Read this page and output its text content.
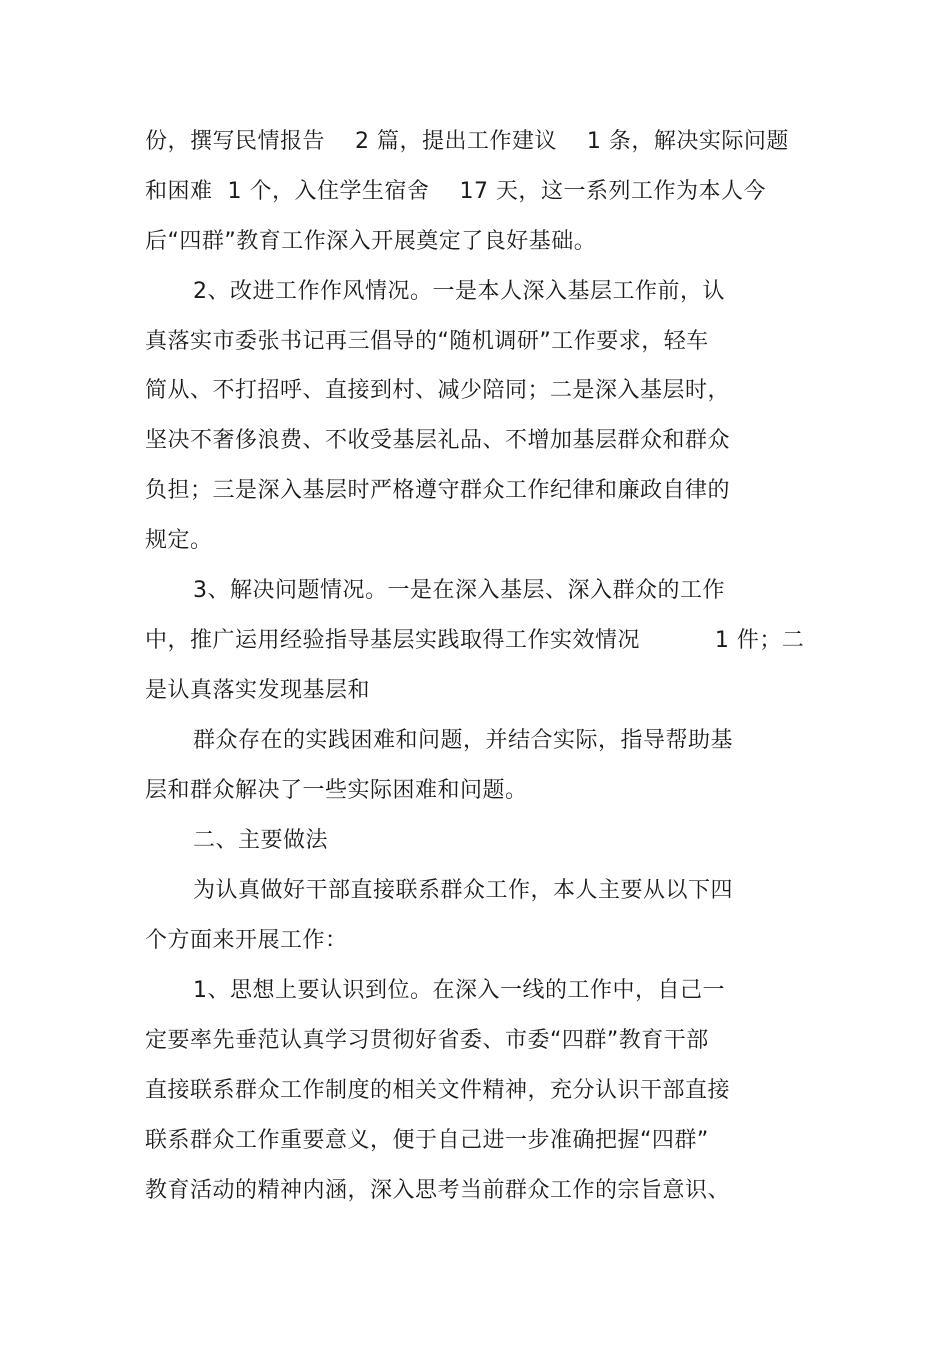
份，撰写民情报告    2 篇，提出工作建议    1 条，解决实际问题
和困难  1 个，入住学生宿舍    17 天，这一系列工作为本人今
后“四群”教育工作深入开展奠定了良好基础。
2、改进工作作风情况。一是本人深入基层工作前，认
真落实市委张书记再三倡导的“随机调研”工作要求，轻车
简从、不打招呼、直接到村、减少陪同；二是深入基层时，
坚决不奢侈浪费、不收受基层礼品、不增加基层群众和群众
负担；三是深入基层时严格遵守群众工作纪律和廉政自律的
规定。
3、解决问题情况。一是在深入基层、深入群众的工作
中，推广运用经验指导基层实践取得工作实效情况          1 件；二
是认真落实发现基层和
群众存在的实践困难和问题，并结合实际，指导帮助基
层和群众解决了一些实际困难和问题。
二、主要做法
为认真做好干部直接联系群众工作，本人主要从以下四
个方面来开展工作：
1、思想上要认识到位。在深入一线的工作中，自己一
定要率先垂范认真学习贯彻好省委、市委“四群”教育干部
直接联系群众工作制度的相关文件精神，充分认识干部直接
联系群众工作重要意义，便于自己进一步准确把握“四群”
教育活动的精神内涵，深入思考当前群众工作的宗旨意识、
